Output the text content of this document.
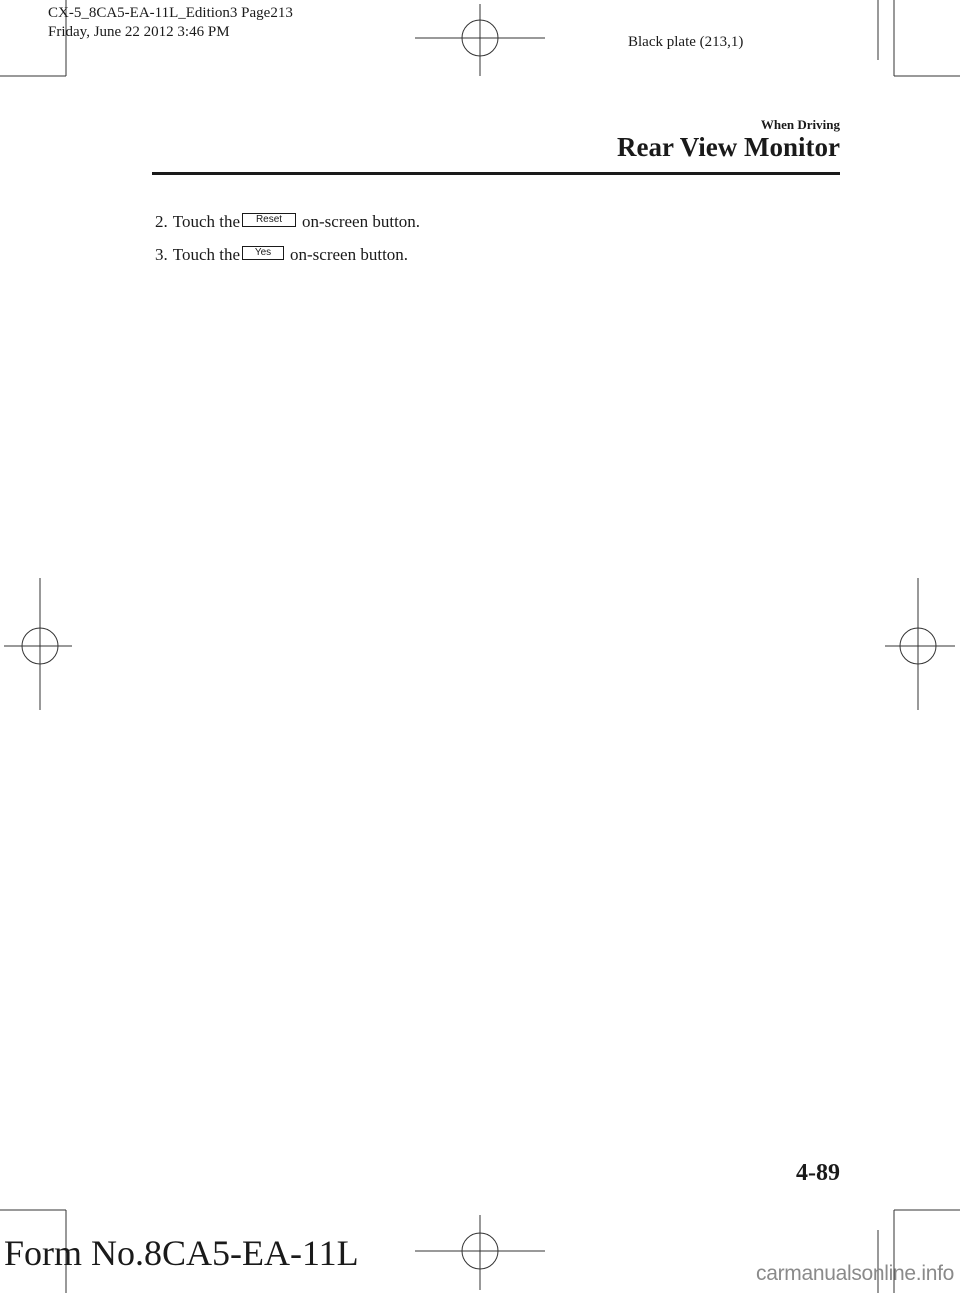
CX-5_8CA5-EA-11L_Edition3 Page213
Friday, June 22 2012 3:46 PM
Black plate (213,1)
When Driving
Rear View Monitor
2. Touch the	Reset	on-screen button.
3. Touch the	Yes	on-screen button.
4-89
Form No.8CA5-EA-11L
carmanualsonline.info
